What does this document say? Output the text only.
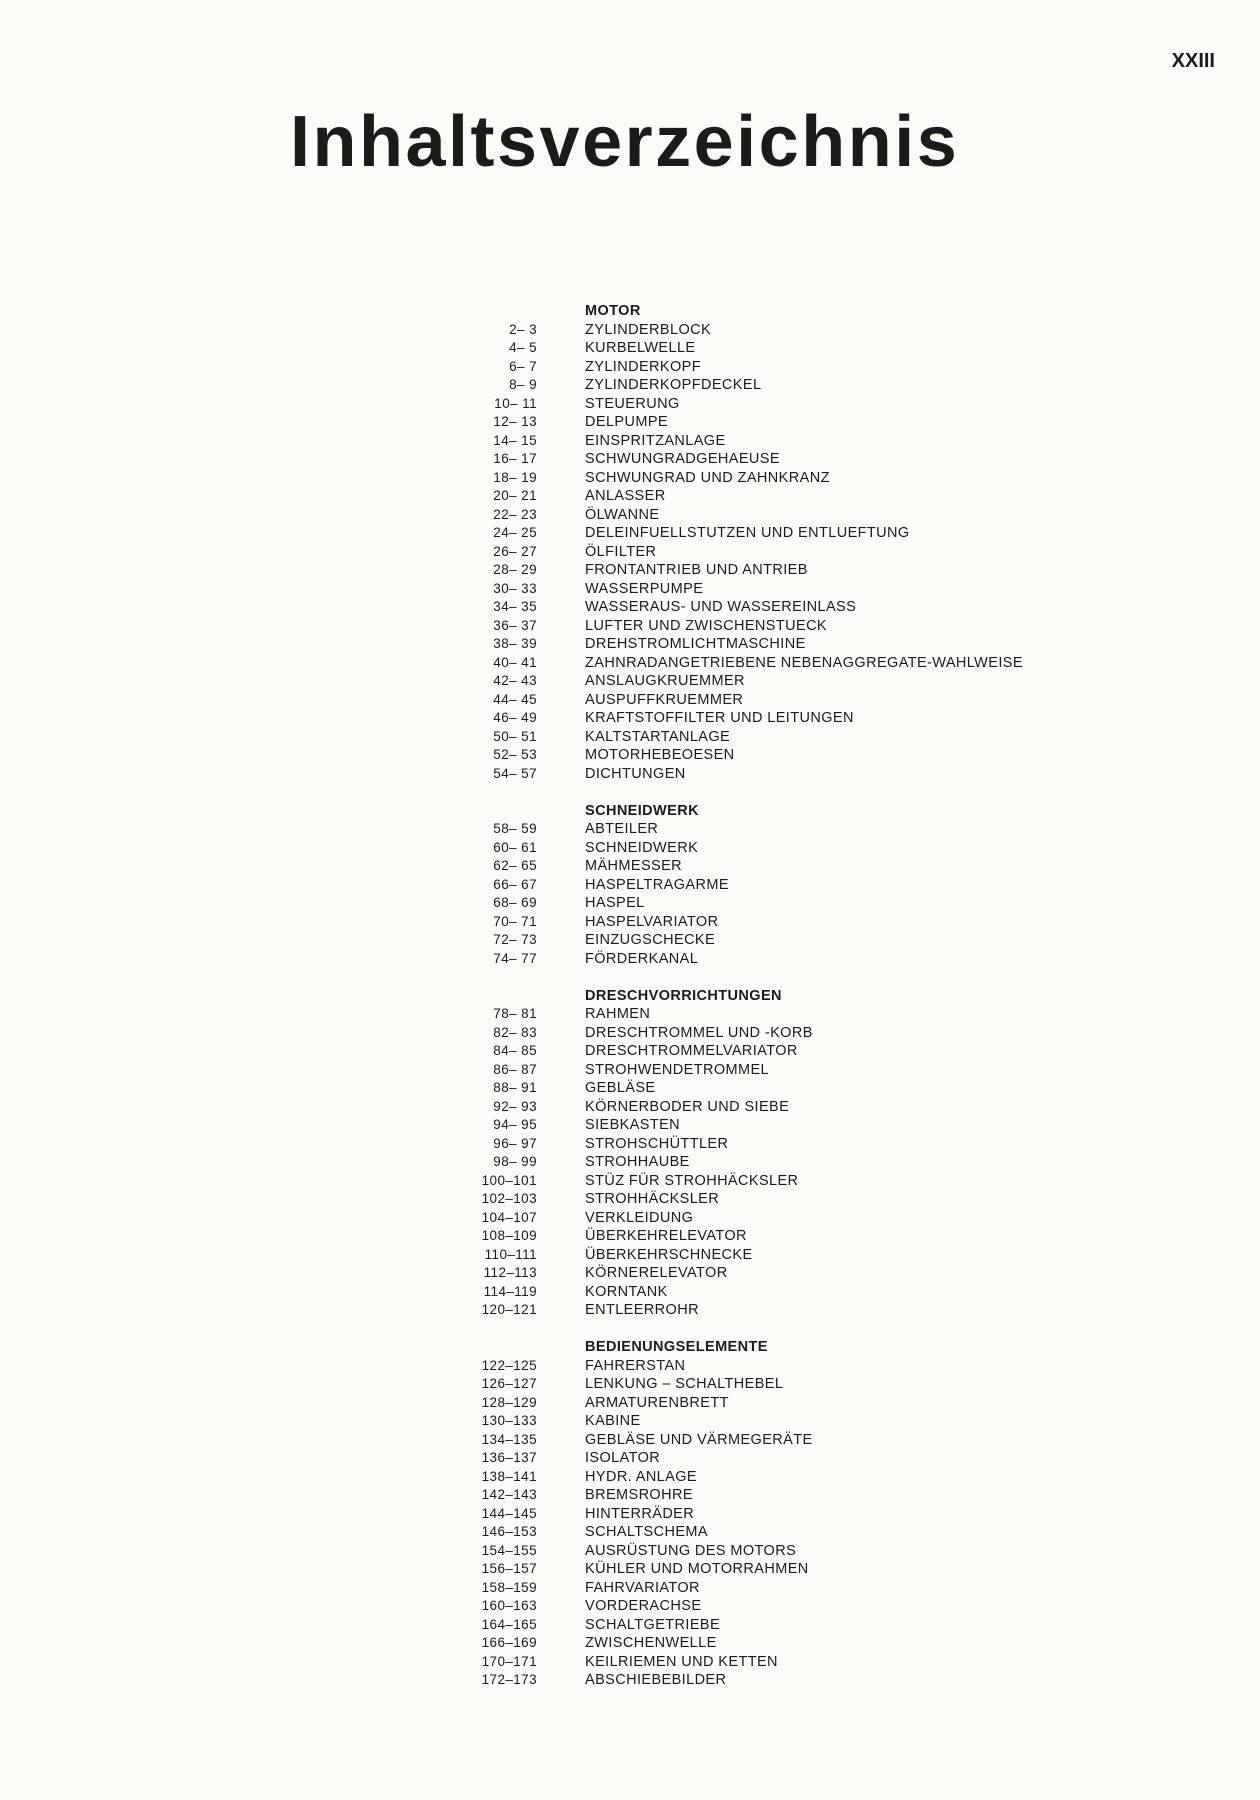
XXIII
Inhaltsverzeichnis
MOTOR
2– 3	ZYLINDERBLOCK
4– 5	KURBELWELLE
6– 7	ZYLINDERKOPF
8– 9	ZYLINDERKOPFDECKEL
10– 11	STEUERUNG
12– 13	DELPUMPE
14– 15	EINSPRITZANLAGE
16– 17	SCHWUNGRADGEHAEUSE
18– 19	SCHWUNGRAD UND ZAHNKRANZ
20– 21	ANLASSER
22– 23	ÖLWANNE
24– 25	DELEINFUELLSTUTZEN UND ENTLUEFTUNG
26– 27	ÖLFILTER
28– 29	FRONTANTRIEB UND ANTRIEB
30– 33	WASSERPUMPE
34– 35	WASSERAUS- UND WASSEREINLASS
36– 37	LUFTER UND ZWISCHENSTUECK
38– 39	DREHSTROMLICHTMASCHINE
40– 41	ZAHNRADANGETRIEBENE NEBENAGGREGATE-WAHLWEISE
42– 43	ANSLAUGKRUEMMER
44– 45	AUSPUFFKRUEMMER
46– 49	KRAFTSTOFFILTER UND LEITUNGEN
50– 51	KALTSTARTANLAGE
52– 53	MOTORHEBEOESEN
54– 57	DICHTUNGEN
SCHNEIDWERK
58– 59	ABTEILER
60– 61	SCHNEIDWERK
62– 65	MÄHMESSER
66– 67	HASPELTRAGARME
68– 69	HASPEL
70– 71	HASPELVARIATOR
72– 73	EINZUGSCHECKE
74– 77	FÖRDERKANAL
DRESCHVORRICHTUNGEN
78– 81	RAHMEN
82– 83	DRESCHTROMMEL UND -KORB
84– 85	DRESCHTROMMELVARIATOR
86– 87	STROHWENDETROMMEL
88– 91	GEBLÄSE
92– 93	KÖRNERBODER UND SIEBE
94– 95	SIEBKASTEN
96– 97	STROHSCHÜTTLER
98– 99	STROHHAUBE
100–101	STÜZ FÜR STROHHÄCKSLER
102–103	STROHHÄCKSLER
104–107	VERKLEIDUNG
108–109	ÜBERKEHRELEVATOR
110–111	ÜBERKEHRSCHNECKE
112–113	KÖRNERELEVATOR
114–119	KORNTANK
120–121	ENTLEERROHR
BEDIENUNGSELEMENTE
122–125	FAHRERSTAN
126–127	LENKUNG – SCHALTHEBEL
128–129	ARMATURENBRETT
130–133	KABINE
134–135	GEBLÄSE UND VÄRMEGERÄTE
136–137	ISOLATOR
138–141	HYDR. ANLAGE
142–143	BREMSROHRE
144–145	HINTERRÄDER
146–153	SCHALTSCHEMA
154–155	AUSRÜSTUNG DES MOTORS
156–157	KÜHLER UND MOTORRAHMEN
158–159	FAHRVARIATOR
160–163	VORDERACHSE
164–165	SCHALTGETRIEBE
166–169	ZWISCHENWELLE
170–171	KEILRIEMEN UND KETTEN
172–173	ABSCHIEBEBILDER
